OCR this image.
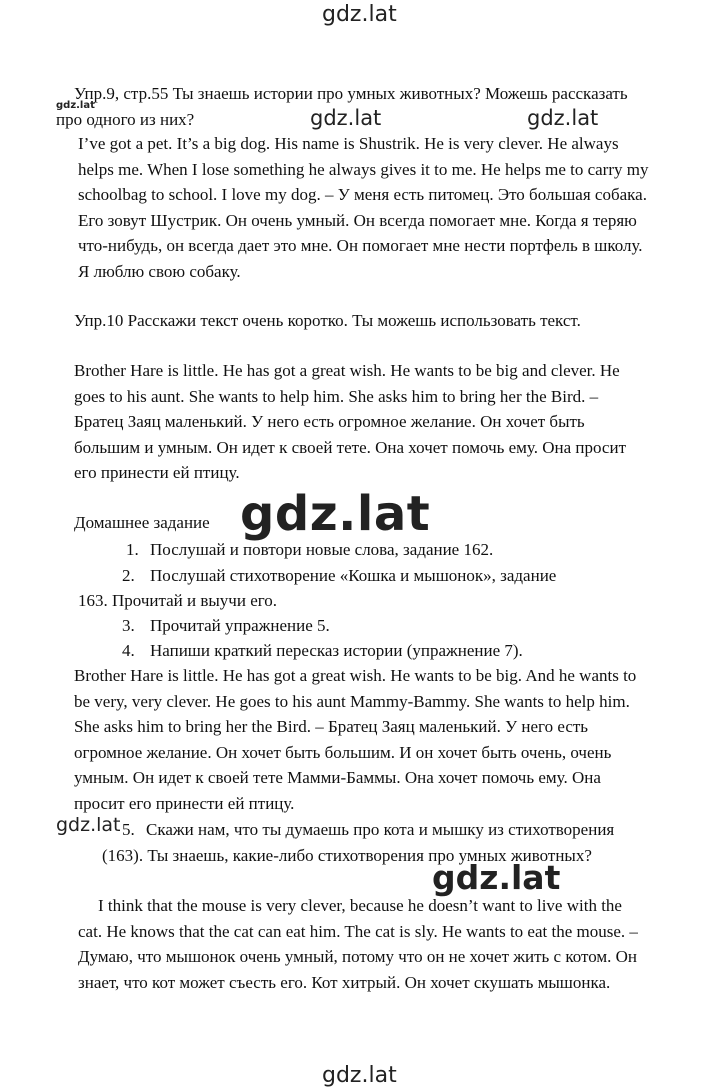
gdz.lat
gdz.lat	gdz.lat
gdz.lat

Упр.9, стр.55 Ты знаешь истории про умных животных? Можешь рассказать про одного из них?

I’ve got a pet. It’s a big dog. His name is Shustrik. He is very clever. He always helps me. When I lose something he always gives it to me. He helps me to carry my schoolbag to school. I love my dog. – У меня есть питомец. Это большая собака. Его зовут Шустрик. Он очень умный. Он всегда помогает мне. Когда я теряю что-нибудь, он всегда дает это мне. Он помогает мне нести портфель в школу. Я люблю свою собаку.

Упр.10 Расскажи текст очень коротко. Ты можешь использовать текст.

Brother Hare is little. He has got a great wish. He wants to be big and clever. He goes to his aunt. She wants to help him. She asks him to bring her the Bird. – Братец Заяц маленький. У него есть огромное желание. Он хочет быть большим и умным. Он идет к своей тете. Она хочет помочь ему. Она просит его принести ей птицу.

Домашнее задание gdz.lat
1. Послушай и повтори новые слова, задание 162.
2. Послушай стихотворение «Кошка и мышонок», задание
163. Прочитай и выучи его.
3. Прочитай упражнение 5.
4. Напиши краткий пересказ истории (упражнение 7).

Brother Hare is little. He has got a great wish. He wants to be big. And he wants to be very, very clever. He goes to his aunt Mammy-Bammy. She wants to help him. She asks him to bring her the Bird. – Братец Заяц маленький. У него есть огромное желание. Он хочет быть большим. И он хочет быть очень, очень умным. Он идет к своей тете Мамми-Баммы. Она хочет помочь ему. Она просит его принести ей птицу.

gdz.lat 5. Скажи нам, что ты думаешь про кота и мышку из стихотворения (163). Ты знаешь, какие-либо стихотворения про умных животных?

gdz.lat

I think that the mouse is very clever, because he doesn’t want to live with the cat. He knows that the cat can eat him. The cat is sly. He wants to eat the mouse. – Думаю, что мышонок очень умный, потому что он не хочет жить с котом. Он знает, что кот может съесть его. Кот хитрый. Он хочет скушать мышонка.

gdz.lat
